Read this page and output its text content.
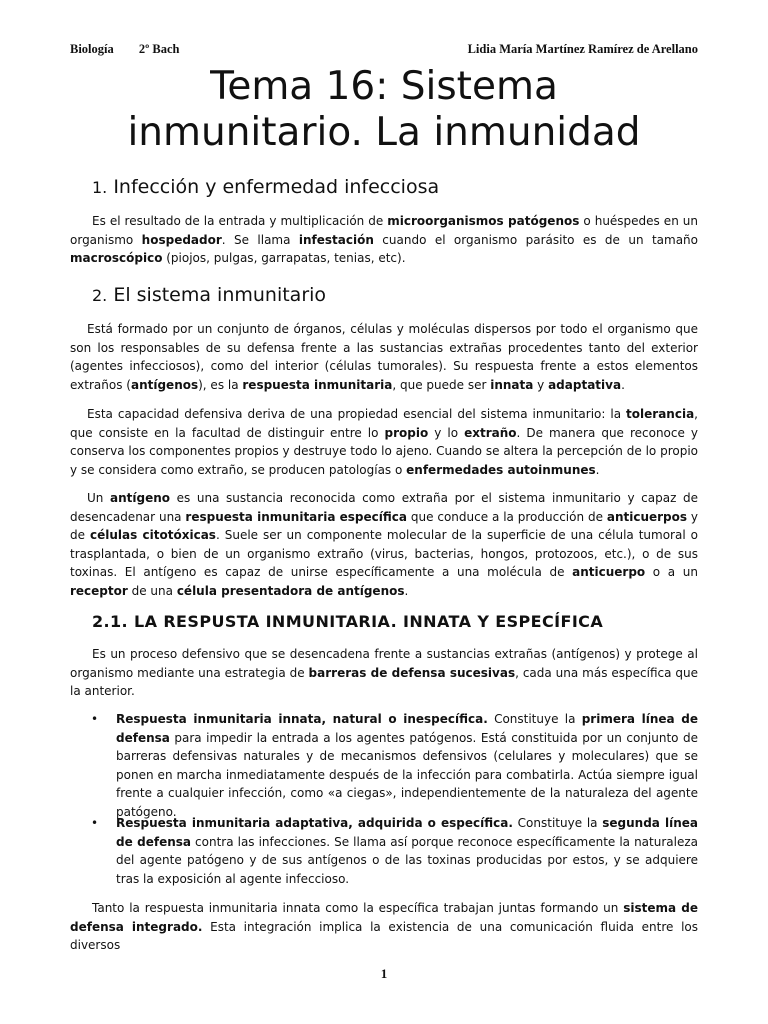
Biología 2º Bach	Lidia María Martínez Ramírez de Arellano
Tema 16: Sistema
inmunitario. La inmunidad
1. Infección y enfermedad infecciosa

Es el resultado de la entrada y multiplicación de microorganismos patógenos o huéspedes en un organismo hospedador. Se llama infestación cuando el organismo parásito es de un tamaño macroscópico (piojos, pulgas, garrapatas, tenias, etc).

2. El sistema inmunitario

Está formado por un conjunto de órganos, células y moléculas dispersos por todo el organismo que son los responsables de su defensa frente a las sustancias extrañas procedentes tanto del exterior (agentes infecciosos), como del interior (células tumorales). Su respuesta frente a estos elementos extraños (antígenos), es la respuesta inmunitaria, que puede ser innata y adaptativa.

Esta capacidad defensiva deriva de una propiedad esencial del sistema inmunitario: la tolerancia, que consiste en la facultad de distinguir entre lo propio y lo extraño. De manera que reconoce y conserva los componentes propios y destruye todo lo ajeno. Cuando se altera la percepción de lo propio y se considera como extraño, se producen patologías o enfermedades autoinmunes.

Un antígeno es una sustancia reconocida como extraña por el sistema inmunitario y capaz de desencadenar una respuesta inmunitaria específica que conduce a la producción de anticuerpos y de células citotóxicas. Suele ser un componente molecular de la superficie de una célula tumoral o trasplantada, o bien de un organismo extraño (virus, bacterias, hongos, protozoos, etc.), o de sus toxinas. El antígeno es capaz de unirse específicamente a una molécula de anticuerpo o a un receptor de una célula presentadora de antígenos.

2.1. LA RESPUSTA INMUNITARIA. INNATA Y ESPECÍFICA

Es un proceso defensivo que se desencadena frente a sustancias extrañas (antígenos) y protege al organismo mediante una estrategia de barreras de defensa sucesivas, cada una más específica que la anterior.

• Respuesta inmunitaria innata, natural o inespecífica. Constituye la primera línea de defensa para impedir la entrada a los agentes patógenos. Está constituida por un conjunto de barreras defensivas naturales y de mecanismos defensivos (celulares y moleculares) que se ponen en marcha inmediatamente después de la infección para combatirla. Actúa siempre igual frente a cualquier infección, como «a ciegas», independientemente de la naturaleza del agente patógeno.

• Respuesta inmunitaria adaptativa, adquirida o específica. Constituye la segunda línea de defensa contra las infecciones. Se llama así porque reconoce específicamente la naturaleza del agente patógeno y de sus antígenos o de las toxinas producidas por estos, y se adquiere tras la exposición al agente infeccioso.

Tanto la respuesta inmunitaria innata como la específica trabajan juntas formando un sistema de defensa integrado. Esta integración implica la existencia de una comunicación fluida entre los diversos

1
